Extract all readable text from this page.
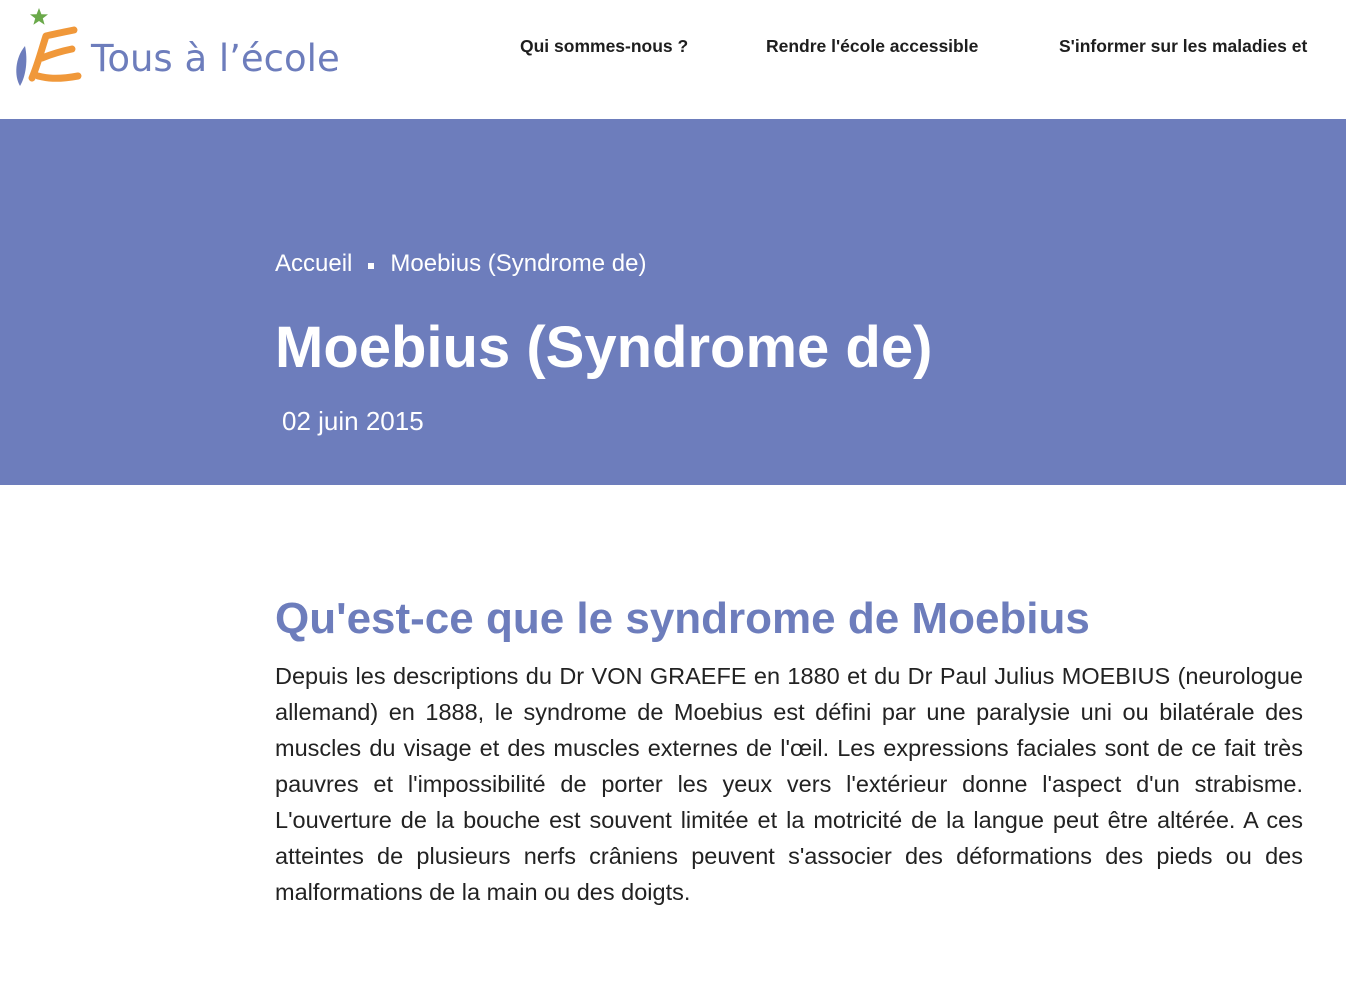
Tous à l’école	Qui sommes-nous ?	Rendre l'école accessible	S'informer sur les maladies et
Accueil Moebius (Syndrome de)
Moebius (Syndrome de)
02 juin 2015
Qu'est-ce que le syndrome de Moebius

Depuis les descriptions du Dr VON GRAEFE en 1880 et du Dr Paul Julius MOEBIUS (neurologue allemand) en 1888, le syndrome de Moebius est défini par une paralysie uni ou bilatérale des muscles du visage et des muscles externes de l'œil. Les expressions faciales sont de ce fait très pauvres et l'impossibilité de porter les yeux vers l'extérieur donne l'aspect d'un strabisme. L'ouverture de la bouche est souvent limitée et la motricité de la langue peut être altérée. A ces atteintes de plusieurs nerfs crâniens peuvent s'associer des déformations des pieds ou des malformations de la main ou des doigts.
